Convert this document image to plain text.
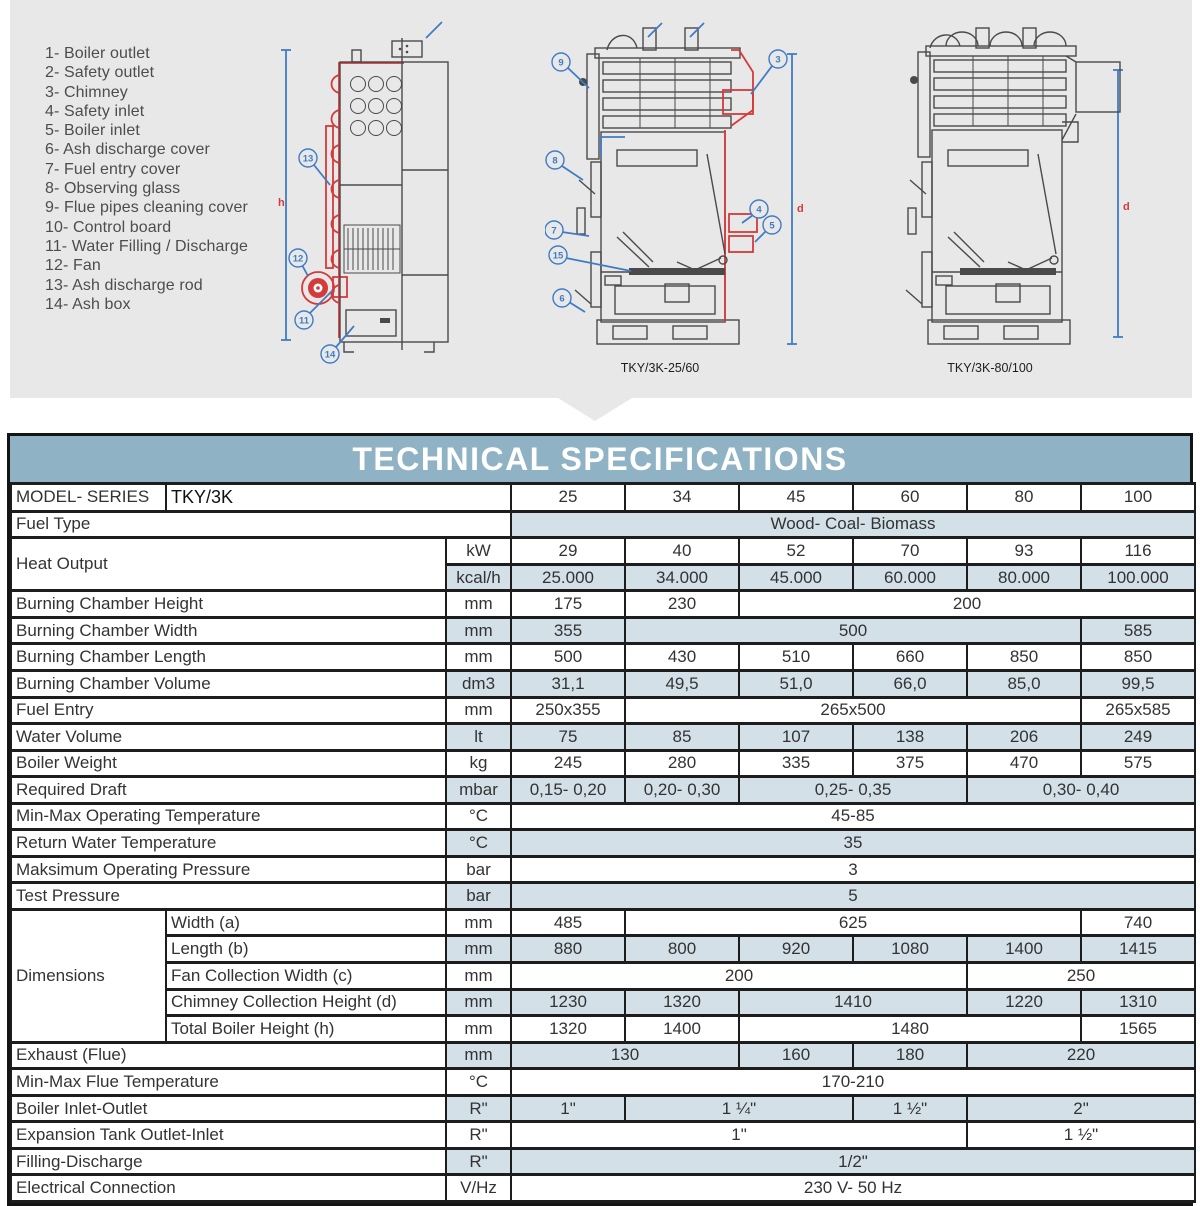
1- Boiler outlet
2- Safety outlet
3- Chimney
4- Safety inlet
5- Boiler inlet
6- Ash discharge cover
7- Fuel entry cover
8- Observing glass
9- Flue pipes cleaning cover
10- Control board
11- Water Filling / Discharge
12- Fan
13- Ash discharge rod
14- Ash box
h
13
12
11
14
d
9
8
7
15
6
3
4
5
d
TKY/3K-25/60	TKY/3K-80/100
TECHNICAL SPECIFICATIONS
MODEL- SERIES	TKY/3K		25	34	45	60	80	100
Fuel Type			Wood- Coal- Biomass					
Heat Output		kW	29	40	52	70	93	116
		kcal/h	25.000	34.000	45.000	60.000	80.000	100.000
Burning Chamber Height		mm	175	230	200			
Burning Chamber Width		mm	355	500				585
Burning Chamber Length		mm	500	430	510	660	850	850
Burning Chamber Volume		dm3	31,1	49,5	51,0	66,0	85,0	99,5
Fuel Entry		mm	250x355	265x500				265x585
Water Volume		lt	75	85	107	138	206	249
Boiler Weight		kg	245	280	335	375	470	575
Required Draft		mbar	0,15- 0,20	0,20- 0,30	0,25- 0,35		0,30- 0,40	
Min-Max Operating Temperature		°C	45-85					
Return Water Temperature		°C	35					
Maksimum Operating Pressure		bar	3					
Test Pressure		bar	5					
Dimensions	Width (a)	mm	485	625				740
	Length (b)	mm	880	800	920	1080	1400	1415
	Fan Collection Width (c)	mm	200				250	
	Chimney Collection Height (d)	mm	1230	1320	1410		1220	1310
	Total Boiler Height (h)	mm	1320	1400	1480			1565
Exhaust (Flue)		mm	130		160	180	220	
Min-Max Flue Temperature		°C	170-210					
Boiler Inlet-Outlet		R"	1"	1 ¼"		1 ½"	2"	
Expansion Tank Outlet-Inlet		R"	1"				1 ½"	
Filling-Discharge		R"	1/2"					
Electrical Connection		V/Hz	230 V- 50 Hz					
